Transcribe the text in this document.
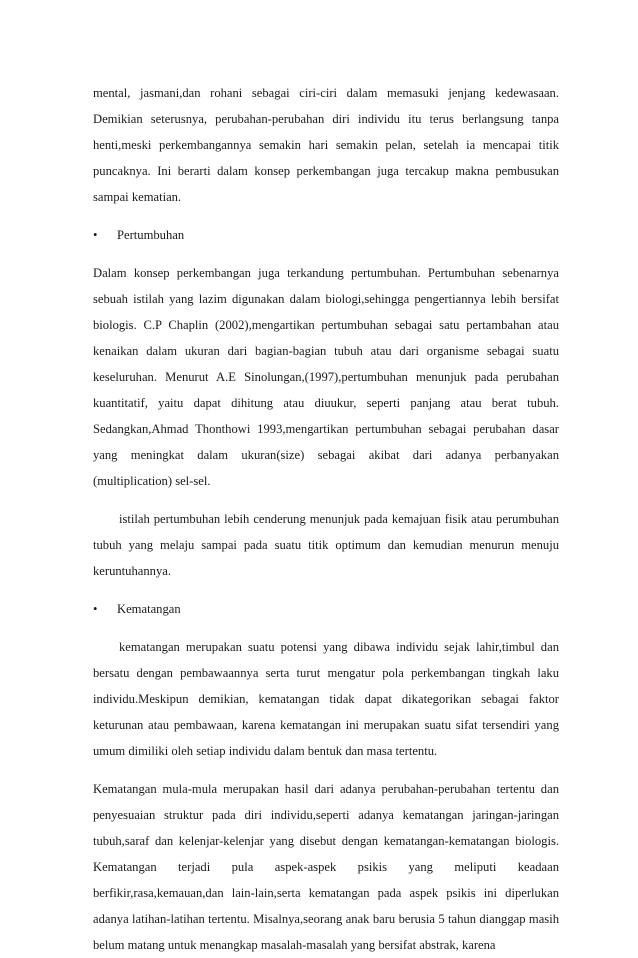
mental, jasmani,dan rohani sebagai ciri-ciri dalam memasuki jenjang kedewasaan. Demikian seterusnya, perubahan-perubahan diri individu itu terus berlangsung tanpa henti,meski perkembangannya semakin hari semakin pelan, setelah ia mencapai titik puncaknya. Ini berarti dalam konsep perkembangan juga tercakup makna pembusukan sampai kematian.

•	Pertumbuhan

Dalam konsep perkembangan juga terkandung pertumbuhan. Pertumbuhan sebenarnya sebuah istilah yang lazim digunakan dalam biologi,sehingga pengertiannya lebih bersifat biologis. C.P Chaplin (2002),mengartikan pertumbuhan sebagai satu pertambahan atau kenaikan dalam ukuran dari bagian-bagian tubuh atau dari organisme sebagai suatu keseluruhan. Menurut A.E Sinolungan,(1997),pertumbuhan menunjuk pada perubahan kuantitatif, yaitu dapat dihitung atau diuukur, seperti panjang atau berat tubuh. Sedangkan,Ahmad Thonthowi 1993,mengartikan pertumbuhan sebagai perubahan dasar yang meningkat dalam ukuran(size) sebagai akibat dari adanya perbanyakan (multiplication) sel-sel.

istilah pertumbuhan lebih cenderung menunjuk pada kemajuan fisik atau perumbuhan tubuh yang melaju sampai pada suatu titik optimum dan kemudian menurun menuju keruntuhannya.

•	Kematangan

kematangan merupakan suatu potensi yang dibawa individu sejak lahir,timbul dan bersatu dengan pembawaannya serta turut mengatur pola perkembangan tingkah laku individu.Meskipun demikian, kematangan tidak dapat dikategorikan sebagai faktor keturunan atau pembawaan, karena kematangan ini merupakan suatu sifat tersendiri yang umum dimiliki oleh setiap individu dalam bentuk dan masa tertentu.

Kematangan mula-mula merupakan hasil dari adanya perubahan-perubahan tertentu dan penyesuaian struktur pada diri individu,seperti adanya kematangan jaringan-jaringan tubuh,saraf dan kelenjar-kelenjar yang disebut dengan kematangan-kematangan biologis. Kematangan terjadi pula aspek-aspek psikis yang meliputi keadaan berfikir,rasa,kemauan,dan lain-lain,serta kematangan pada aspek psikis ini diperlukan adanya latihan-latihan tertentu. Misalnya,seorang anak baru berusia 5 tahun dianggap masih belum matang untuk menangkap masalah-masalah yang bersifat abstrak, karena
